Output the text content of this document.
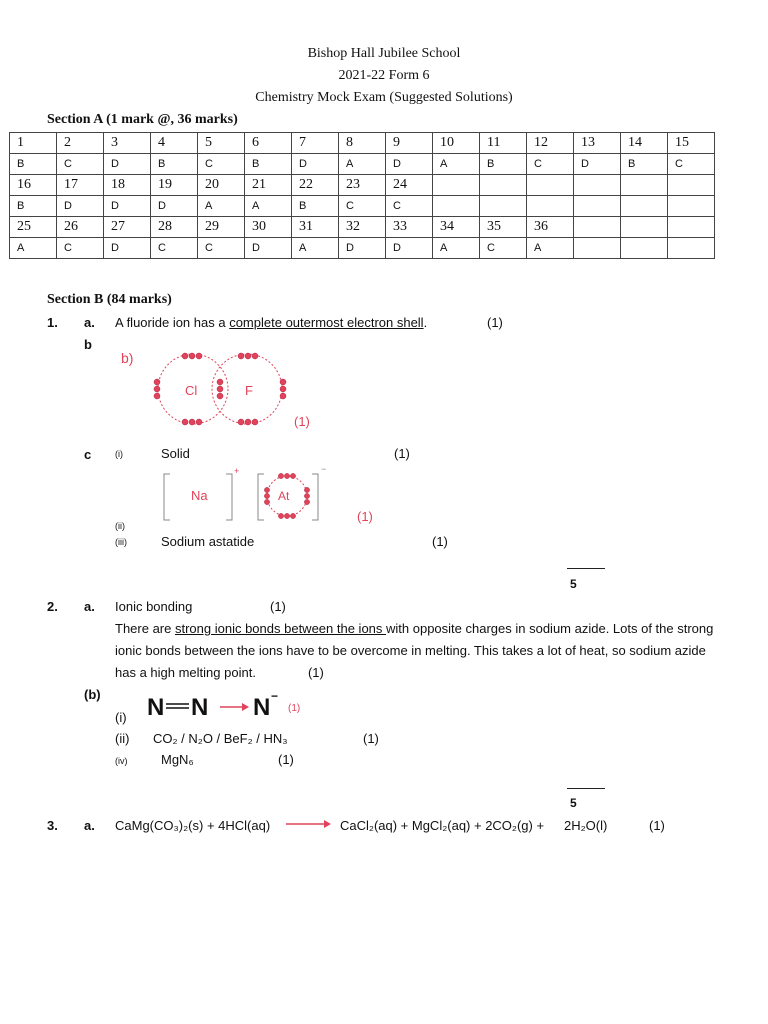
Bishop Hall Jubilee School
2021-22 Form 6
Chemistry Mock Exam (Suggested Solutions)
Section A (1 mark @, 36 marks)
1	2	3	4	5	6	7	8	9	10	11	12	13	14	15
B	C	D	B	C	B	D	A	D	A	B	C	D	B	C
16	17	18	19	20	21	22	23	24						
B	D	D	D	A	A	B	C	C						
25	26	27	28	29	30	31	32	33	34	35	36			
A	C	D	C	C	D	A	D	D	A	C	A			
Section B (84 marks)
1. a. A fluoride ion has a complete outermost electron shell.	(1)
b
b)
Cl	F
(1)
c	(i)	Solid	(1)
Na
+
At
−
(1)
(ii)
(iii)	Sodium astatide	(1)
5
2. a. Ionic bonding	(1)
There are strong ionic bonds between the ions with opposite charges in sodium azide. Lots of the strong ionic bonds between the ions have to be overcome in melting. This takes a lot of heat, so sodium azide has a high melting point.	(1)
(b) N N N −
(1)
(i)
(ii) CO₂ / N₂O / BeF₂ / HN₃	(1)
(iv)	MgN₆	(1)
5
3. a. CaMg(CO₃)₂(s) + 4HCl(aq) → CaCl₂(aq) + MgCl₂(aq) + 2CO₂(g) + 2H₂O(l)	(1)
